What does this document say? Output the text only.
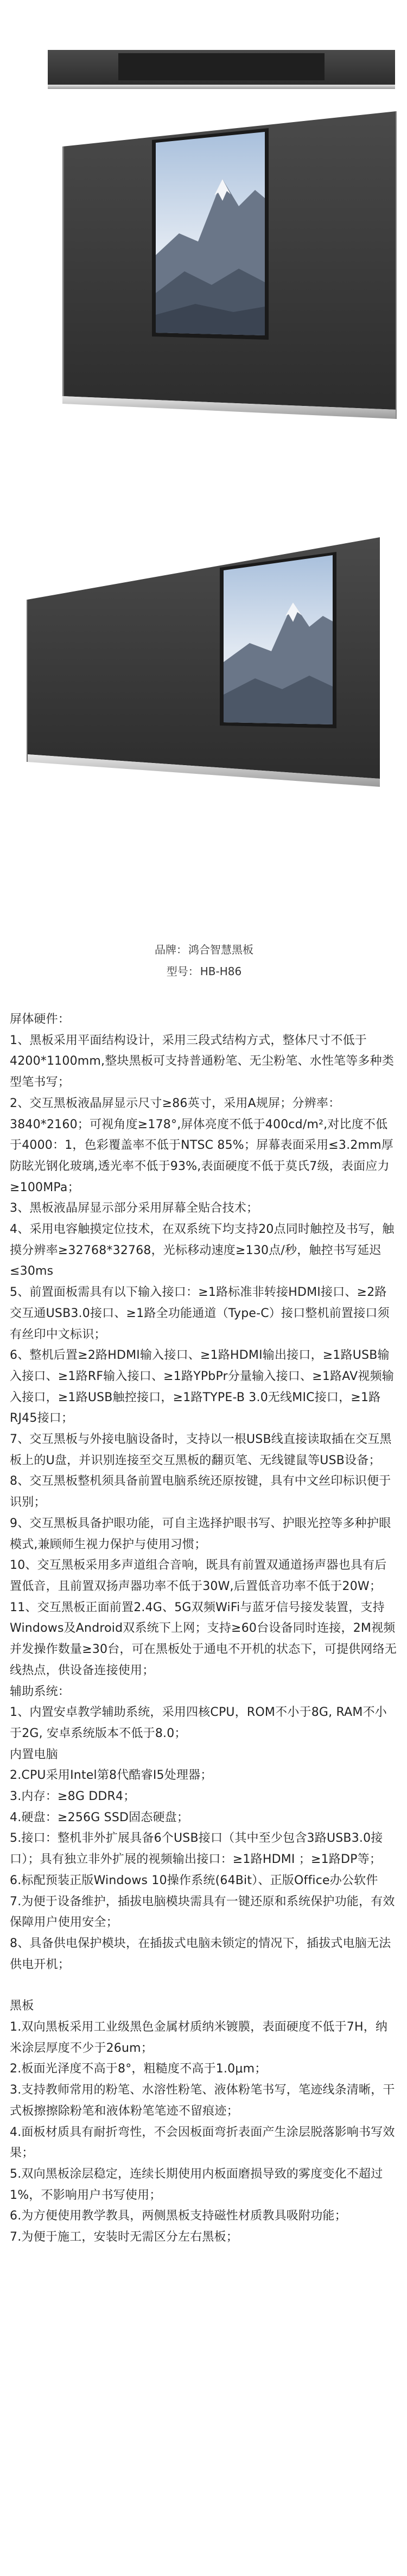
品牌： 鸿合智慧黑板
型号： HB-H86

屏体硬件：

1、黑板采用平面结构设计，采用三段式结构方式，整体尺寸不低于4200*1100mm,整块黑板可支持普通粉笔、无尘粉笔、水性笔等多种类型笔书写；

2、交互黑板液晶屏显示尺寸≥86英寸，采用A规屏；分辨率：3840*2160；可视角度≥178°,屏体亮度不低于400cd/m²,对比度不低于4000：1，色彩覆盖率不低于NTSC 85%；屏幕表面采用≤3.2mm厚防眩光钢化玻璃,透光率不低于93%,表面硬度不低于莫氏7级，表面应力≥100MPa；

3、黑板液晶屏显示部分采用屏幕全贴合技术；

4、采用电容触摸定位技术，在双系统下均支持20点同时触控及书写，触摸分辨率≥32768*32768，光标移动速度≥130点/秒，触控书写延迟≤30ms

5、前置面板需具有以下输入接口：≥1路标准非转接HDMI接口、≥2路交互通USB3.0接口、≥1路全功能通道（Type-C）接口整机前置接口须有丝印中文标识；

6、整机后置≥2路HDMI输入接口、≥1路HDMI输出接口，≥1路USB输入接口、≥1路RF输入接口、≥1路YPbPr分量输入接口、≥1路AV视频输入接口，≥1路USB触控接口，≥1路TYPE-B 3.0无线MIC接口，≥1路RJ45接口；

7、交互黑板与外接电脑设备时，支持以一根USB线直接读取插在交互黑板上的U盘，并识别连接至交互黑板的翻页笔、无线键鼠等USB设备；

8、交互黑板整机须具备前置电脑系统还原按键，具有中文丝印标识便于识别；

9、交互黑板具备护眼功能，可自主选择护眼书写、护眼光控等多种护眼模式,兼顾师生视力保护与使用习惯；

10、交互黑板采用多声道组合音响，既具有前置双通道扬声器也具有后置低音，且前置双扬声器功率不低于30W,后置低音功率不低于20W；

11、交互黑板正面前置2.4G、5G双频WiFi与蓝牙信号接发装置，支持Windows及Android双系统下上网；支持≥60台设备同时连接，2M视频并发操作数量≥30台，可在黑板处于通电不开机的状态下，可提供网络无线热点，供设备连接使用；

辅助系统：

1、内置安卓教学辅助系统，采用四核CPU，ROM不小于8G, RAM不小于2G, 安卓系统版本不低于8.0；

内置电脑

2.CPU采用Intel第8代酷睿I5处理器；

3.内存：≥8G DDR4；

4.硬盘：≥256G SSD固态硬盘；

5.接口：整机非外扩展具备6个USB接口（其中至少包含3路USB3.0接口）；具有独立非外扩展的视频输出接口：≥1路HDMI ；≥1路DP等；

6.标配预装正版Windows 10操作系统(64Bit）、正版Office办公软件

7.为便于设备维护，插拔电脑模块需具有一键还原和系统保护功能，有效保障用户使用安全；

8、具备供电保护模块，在插拔式电脑未锁定的情况下，插拔式电脑无法供电开机；

黑板

1.双向黑板采用工业级黑色金属材质纳米镀膜，表面硬度不低于7H，纳米涂层厚度不少于26um；

2.板面光泽度不高于8°，粗糙度不高于1.0μm；

3.支持教师常用的粉笔、水溶性粉笔、液体粉笔书写，笔迹线条清晰，干式板擦擦除粉笔和液体粉笔笔迹不留痕迹；

4.面板材质具有耐折弯性，不会因板面弯折表面产生涂层脱落影响书写效果；

5.双向黑板涂层稳定，连续长期使用内板面磨损导致的雾度变化不超过1%，不影响用户书写使用；

6.为方便使用教学教具，两侧黑板支持磁性材质教具吸附功能；

7.为便于施工，安装时无需区分左右黑板；
